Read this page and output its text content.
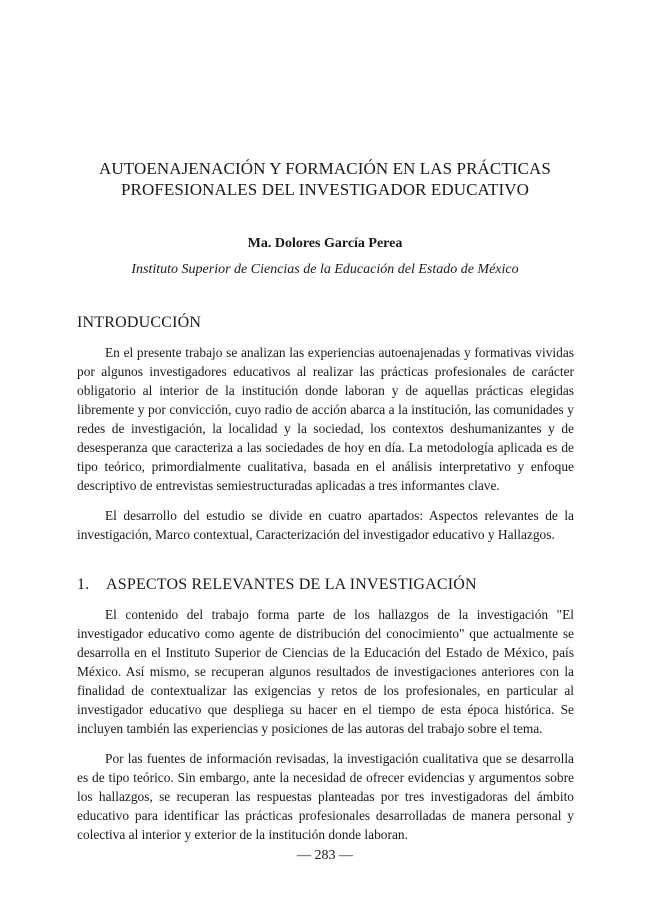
AUTOENAJENACIÓN Y FORMACIÓN EN LAS PRÁCTICAS
PROFESIONALES DEL INVESTIGADOR EDUCATIVO
Ma. Dolores García Perea
Instituto Superior de Ciencias de la Educación del Estado de México
INTRODUCCIÓN

En el presente trabajo se analizan las experiencias autoenajenadas y formativas vividas por algunos investigadores educativos al realizar las prácticas profesionales de carácter obligatorio al interior de la institución donde laboran y de aquellas prácticas elegidas libremente y por convicción, cuyo radio de acción abarca a la institución, las comunidades y redes de investigación, la localidad y la sociedad, los contextos deshumanizantes y de desesperanza que caracteriza a las sociedades de hoy en día. La metodología aplicada es de tipo teórico, primordialmente cualitativa, basada en el análisis interpretativo y enfoque descriptivo de entrevistas semiestructuradas aplicadas a tres informantes clave.

El desarrollo del estudio se divide en cuatro apartados: Aspectos relevantes de la investigación, Marco contextual, Caracterización del investigador educativo y Hallazgos.

1. ASPECTOS RELEVANTES DE LA INVESTIGACIÓN

El contenido del trabajo forma parte de los hallazgos de la investigación "El investigador educativo como agente de distribución del conocimiento" que actualmente se desarrolla en el Instituto Superior de Ciencias de la Educación del Estado de México, país México. Así mismo, se recuperan algunos resultados de investigaciones anteriores con la finalidad de contextualizar las exigencias y retos de los profesionales, en particular al investigador educativo que despliega su hacer en el tiempo de esta época histórica. Se incluyen también las experiencias y posiciones de las autoras del trabajo sobre el tema.

Por las fuentes de información revisadas, la investigación cualitativa que se desarrolla es de tipo teórico. Sin embargo, ante la necesidad de ofrecer evidencias y argumentos sobre los hallazgos, se recuperan las respuestas planteadas por tres investigadoras del ámbito educativo para identificar las prácticas profesionales desarrolladas de manera personal y colectiva al interior y exterior de la institución donde laboran.

— 283 —
